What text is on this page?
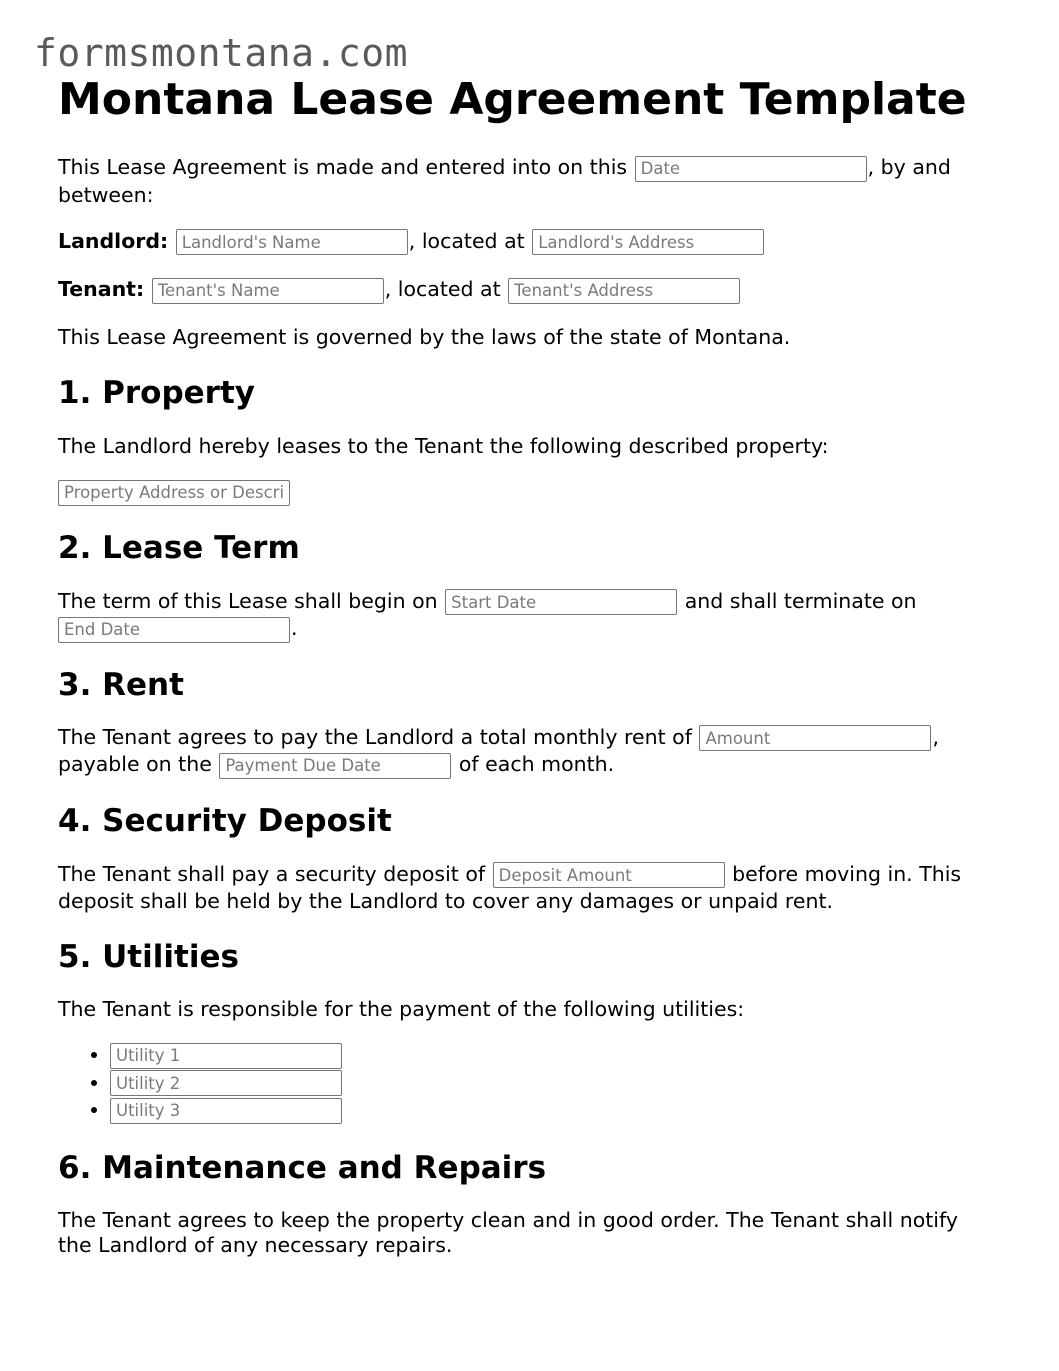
formsmontana.com
Montana Lease Agreement Template

This Lease Agreement is made and entered into on this Date	, by and between:

Landlord: Landlord's Name	, located at Landlord's Address

Tenant: Tenant's Name	, located at Tenant's Address

This Lease Agreement is governed by the laws of the state of Montana.

1. Property

The Landlord hereby leases to the Tenant the following described property:

Property Address or Description
2. Lease Term

The term of this Lease shall begin on Start Date	and shall terminate on End Date.

3. Rent

The Tenant agrees to pay the Landlord a total monthly rent of Amount	, payable on the Payment Due Date	of each month.

4. Security Deposit

The Tenant shall pay a security deposit of Deposit Amount	before moving in. This deposit shall be held by the Landlord to cover any damages or unpaid rent.

5. Utilities

The Tenant is responsible for the payment of the following utilities:

• Utility 1
• Utility 2
• Utility 3
6. Maintenance and Repairs

The Tenant agrees to keep the property clean and in good order. The Tenant shall notify the Landlord of any necessary repairs.
